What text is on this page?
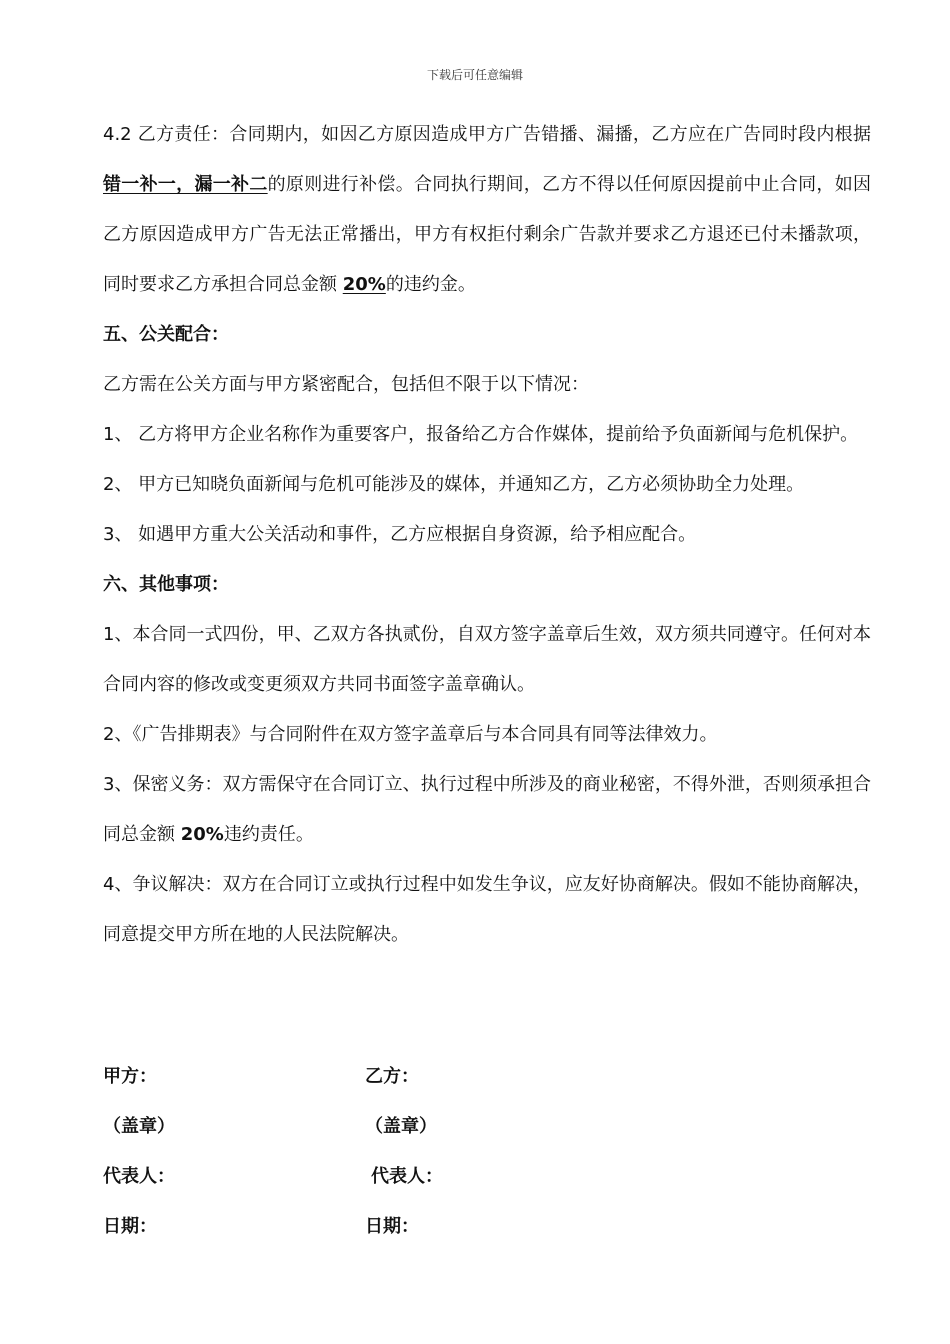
下载后可任意编辑

4.2 乙方责任：合同期内，如因乙方原因造成甲方广告错播、漏播，乙方应在广告同时段内根据错一补一，漏一补二的原则进行补偿。合同执行期间，乙方不得以任何原因提前中止合同，如因乙方原因造成甲方广告无法正常播出，甲方有权拒付剩余广告款并要求乙方退还已付未播款项，同时要求乙方承担合同总金额 20%的违约金。

五、公关配合：

乙方需在公关方面与甲方紧密配合，包括但不限于以下情况：

1、 乙方将甲方企业名称作为重要客户，报备给乙方合作媒体，提前给予负面新闻与危机保护。

2、 甲方已知晓负面新闻与危机可能涉及的媒体，并通知乙方，乙方必须协助全力处理。

3、 如遇甲方重大公关活动和事件，乙方应根据自身资源，给予相应配合。

六、其他事项：

1、本合同一式四份，甲、乙双方各执贰份，自双方签字盖章后生效，双方须共同遵守。任何对本合同内容的修改或变更须双方共同书面签字盖章确认。

2、《广告排期表》与合同附件在双方签字盖章后与本合同具有同等法律效力。

3、保密义务：双方需保守在合同订立、执行过程中所涉及的商业秘密，不得外泄，否则须承担合同总金额 20%违约责任。

4、争议解决：双方在合同订立或执行过程中如发生争议，应友好协商解决。假如不能协商解决，同意提交甲方所在地的人民法院解决。

甲方：	乙方：
（盖章）	（盖章）
代表人：	代表人：
日期：	日期：
